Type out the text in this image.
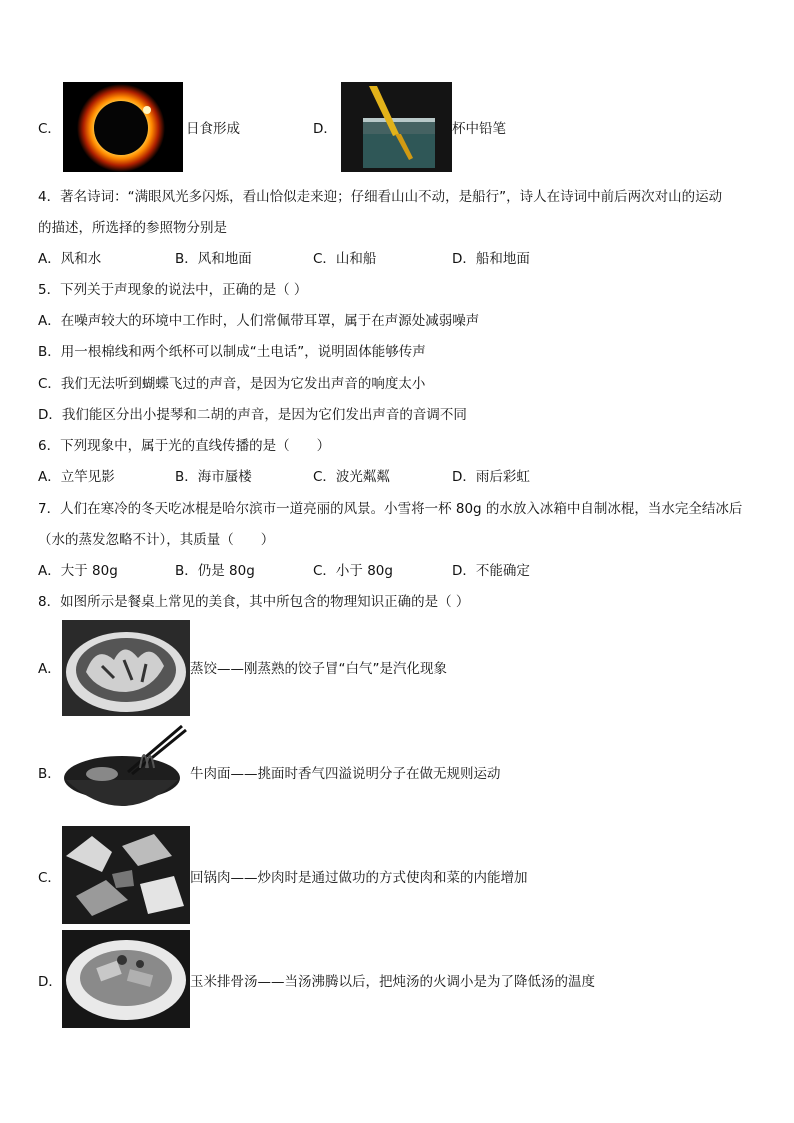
C．	日食形成	D．	杯中铅笔
4．著名诗词：“满眼风光多闪烁，看山恰似走来迎；仔细看山山不动，是船行”，诗人在诗词中前后两次对山的运动
的描述，所选择的参照物分别是
A．风和水	B．风和地面	C．山和船	D．船和地面
5．下列关于声现象的说法中，正确的是（ ）
A．在噪声较大的环境中工作时，人们常佩带耳罩，属于在声源处减弱噪声
B．用一根棉线和两个纸杯可以制成“土电话”，说明固体能够传声
C．我们无法听到蝴蝶飞过的声音，是因为它发出声音的响度太小
D．我们能区分出小提琴和二胡的声音，是因为它们发出声音的音调不同
6．下列现象中，属于光的直线传播的是（　　）
A．立竿见影	B．海市蜃楼	C．波光粼粼	D．雨后彩虹
7．人们在寒冷的冬天吃冰棍是哈尔滨市一道亮丽的风景。小雪将一杯 80g 的水放入冰箱中自制冰棍，当水完全结冰后
（水的蒸发忽略不计），其质量（　　）
A．大于 80g	B．仍是 80g	C．小于 80g	D．不能确定
8．如图所示是餐桌上常见的美食，其中所包含的物理知识正确的是（ ）
A．	蒸饺——刚蒸熟的饺子冒“白气”是汽化现象
B．	牛肉面——挑面时香气四溢说明分子在做无规则运动
C．	回锅肉——炒肉时是通过做功的方式使肉和菜的内能增加
D．	玉米排骨汤——当汤沸腾以后，把炖汤的火调小是为了降低汤的温度
